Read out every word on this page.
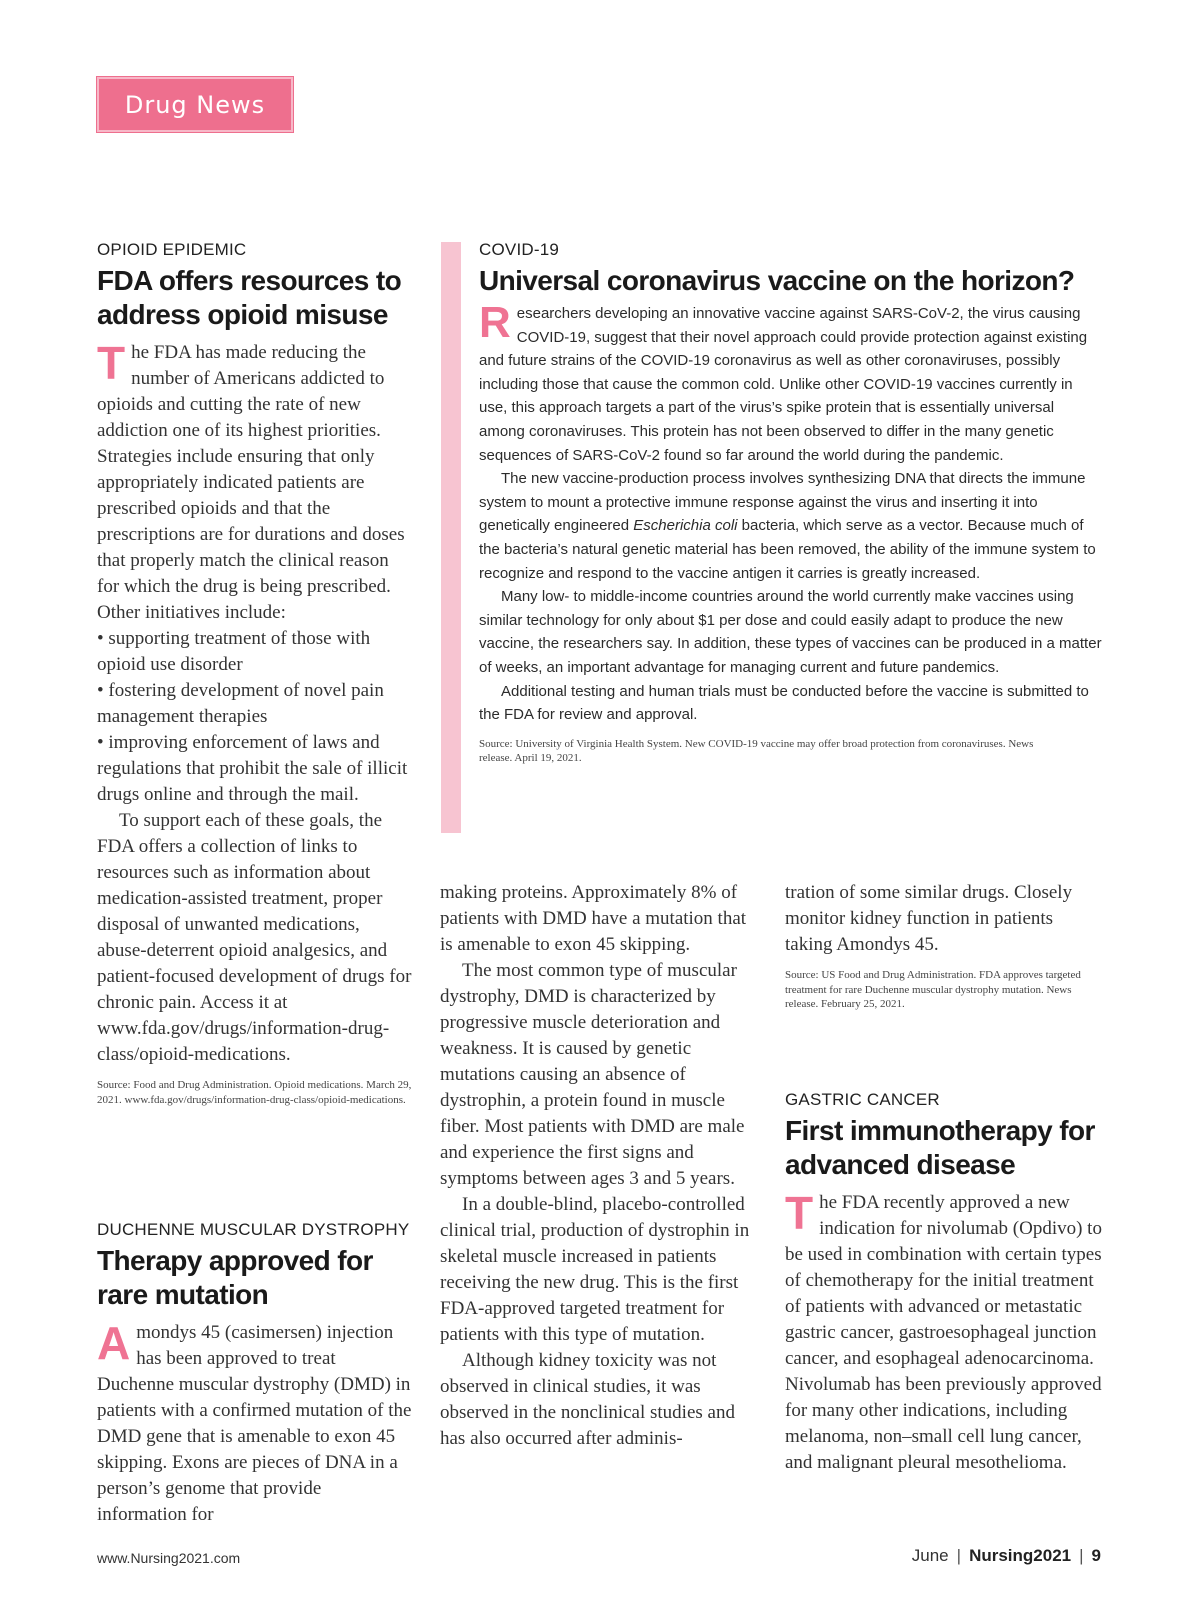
Drug News

OPIOID EPIDEMIC

FDA offers resources to address opioid misuse

The FDA has made reducing the number of Americans addicted to opioids and cutting the rate of new addiction one of its highest priorities. Strategies include ensuring that only appropriately indicated patients are prescribed opioids and that the prescriptions are for durations and doses that properly match the clinical reason for which the drug is being prescribed. Other initiatives include:

• supporting treatment of those with opioid use disorder
• fostering development of novel pain management therapies
• improving enforcement of laws and regulations that prohibit the sale of illicit drugs online and through the mail.

To support each of these goals, the FDA offers a collection of links to resources such as information about medication-assisted treatment, proper disposal of unwanted medications, abuse-deterrent opioid analgesics, and patient-focused development of drugs for chronic pain. Access it at www.fda.gov/drugs/information-drug-class/opioid-medications.

Source: Food and Drug Administration. Opioid medications. March 29, 2021. www.fda.gov/drugs/information-drug-class/opioid-medications.

COVID-19

Universal coronavirus vaccine on the horizon?

Researchers developing an innovative vaccine against SARS-CoV-2, the virus causing COVID-19, suggest that their novel approach could provide protection against existing and future strains of the COVID-19 coronavirus as well as other coronaviruses, possibly including those that cause the common cold. Unlike other COVID-19 vaccines currently in use, this approach targets a part of the virus’s spike protein that is essentially universal among coronaviruses. This protein has not been observed to differ in the many genetic sequences of SARS-CoV-2 found so far around the world during the pandemic.

The new vaccine-production process involves synthesizing DNA that directs the immune system to mount a protective immune response against the virus and inserting it into genetically engineered Escherichia coli bacteria, which serve as a vector. Because much of the bacteria’s natural genetic material has been removed, the ability of the immune system to recognize and respond to the vaccine antigen it carries is greatly increased.

Many low- to middle-income countries around the world currently make vaccines using similar technology for only about $1 per dose and could easily adapt to produce the new vaccine, the researchers say. In addition, these types of vaccines can be produced in a matter of weeks, an important advantage for managing current and future pandemics.

Additional testing and human trials must be conducted before the vaccine is submitted to the FDA for review and approval.

Source: University of Virginia Health System. New COVID-19 vaccine may offer broad protection from coronaviruses. News release. April 19, 2021.

DUCHENNE MUSCULAR DYSTROPHY

Therapy approved for rare mutation

Amondys 45 (casimersen) injection has been approved to treat Duchenne muscular dystrophy (DMD) in patients with a confirmed mutation of the DMD gene that is amenable to exon 45 skipping. Exons are pieces of DNA in a person’s genome that provide information for

making proteins. Approximately 8% of patients with DMD have a mutation that is amenable to exon 45 skipping.

The most common type of muscular dystrophy, DMD is characterized by progressive muscle deterioration and weakness. It is caused by genetic mutations causing an absence of dystrophin, a protein found in muscle fiber. Most patients with DMD are male and experience the first signs and symptoms between ages 3 and 5 years.

In a double-blind, placebo-controlled clinical trial, production of dystrophin in skeletal muscle increased in patients receiving the new drug. This is the first FDA-approved targeted treatment for patients with this type of mutation.

Although kidney toxicity was not observed in clinical studies, it was observed in the nonclinical studies and has also occurred after adminis-

tration of some similar drugs. Closely monitor kidney function in patients taking Amondys 45.

Source: US Food and Drug Administration. FDA approves targeted treatment for rare Duchenne muscular dystrophy mutation. News release. February 25, 2021.

GASTRIC CANCER

First immunotherapy for advanced disease

The FDA recently approved a new indication for nivolumab (Opdivo) to be used in combination with certain types of chemotherapy for the initial treatment of patients with advanced or metastatic gastric cancer, gastroesophageal junction cancer, and esophageal adenocarcinoma. Nivolumab has been previously approved for many other indications, including melanoma, non–small cell lung cancer, and malignant pleural mesothelioma.

www.Nursing2021.com	June | Nursing2021 | 9
